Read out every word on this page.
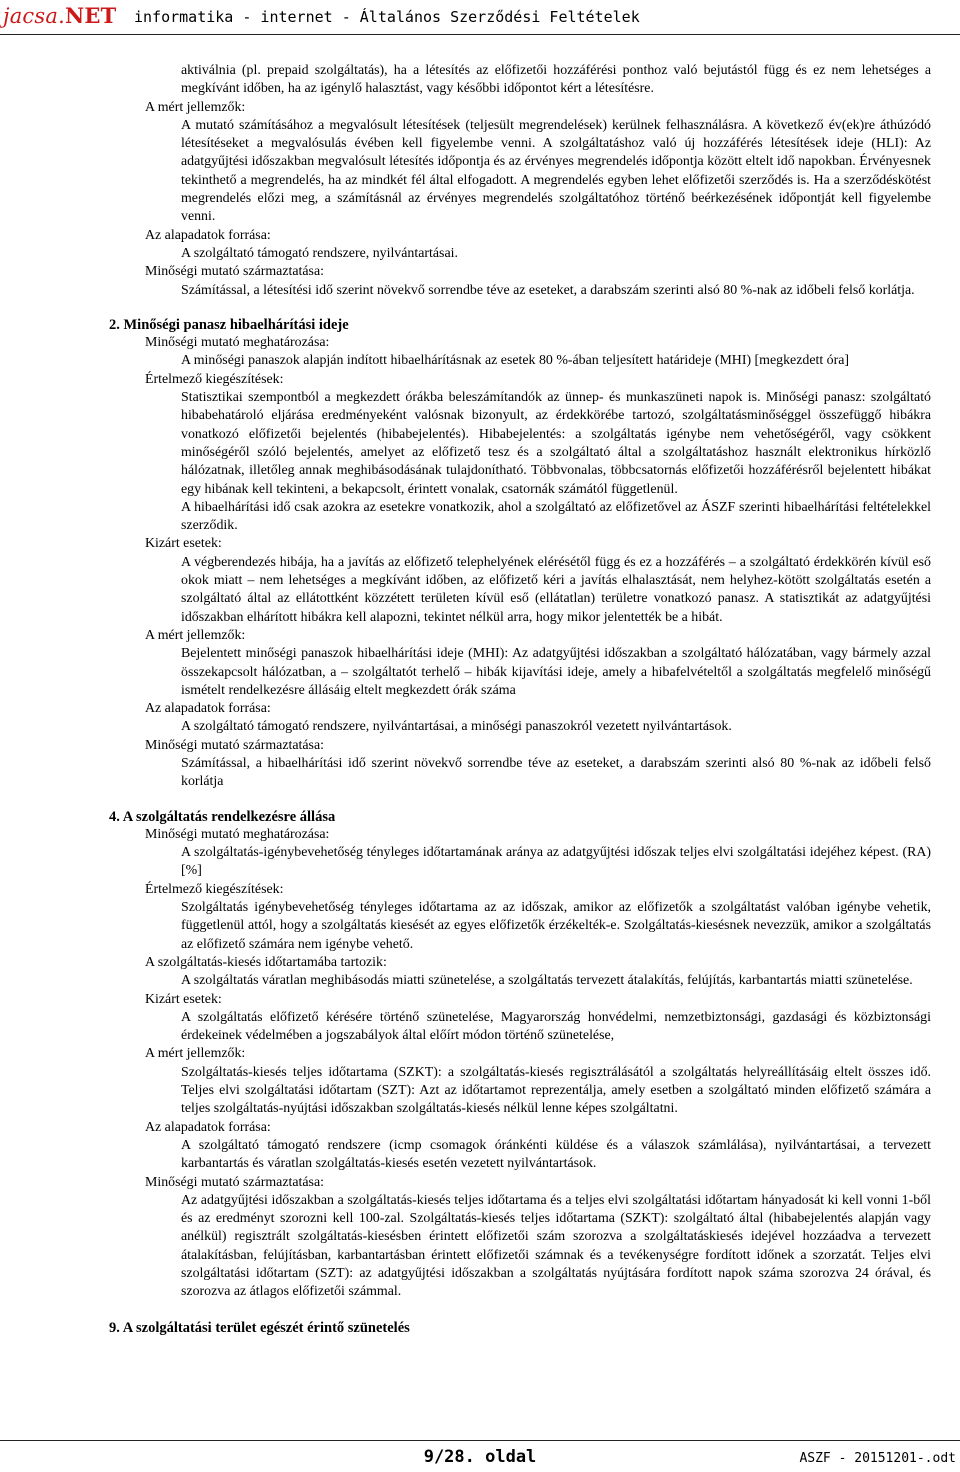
jacsa.NET informatika - internet - Általános Szerződési Feltételek

aktiválnia (pl. prepaid szolgáltatás), ha a létesítés az előfizetői hozzáférési ponthoz való bejutástól függ és ez nem lehetséges a megkívánt időben, ha az igénylő halasztást, vagy későbbi időpontot kért a létesítésre.

A mért jellemzők:

A mutató számításához a megvalósult létesítések (teljesült megrendelések) kerülnek felhasználásra. A következő év(ek)re áthúzódó létesítéseket a megvalósulás évében kell figyelembe venni. A szolgáltatáshoz való új hozzáférés létesítések ideje (HLI): Az adatgyűjtési időszakban megvalósult létesítés időpontja és az érvényes megrendelés időpontja között eltelt idő napokban. Érvényesnek tekinthető a megrendelés, ha az mindkét fél által elfogadott. A megrendelés egyben lehet előfizetői szerződés is. Ha a szerződéskötést megrendelés előzi meg, a számításnál az érvényes megrendelés szolgáltatóhoz történő beérkezésének időpontját kell figyelembe venni.

Az alapadatok forrása:

A szolgáltató támogató rendszere, nyilvántartásai.

Minőségi mutató származtatása:

Számítással, a létesítési idő szerint növekvő sorrendbe téve az eseteket, a darabszám szerinti alsó 80 %-nak az időbeli felső korlátja.

2. Minőségi panasz hibaelhárítási ideje

Minőségi mutató meghatározása:

A minőségi panaszok alapján indított hibaelhárításnak az esetek 80 %-ában teljesített határideje (MHI) [megkezdett óra]

Értelmező kiegészítések:

Statisztikai szempontból a megkezdett órákba beleszámítandók az ünnep- és munkaszüneti napok is. Minőségi panasz: szolgáltató hibabehatároló eljárása eredményeként valósnak bizonyult, az érdekkörébe tartozó, szolgáltatásminőséggel összefüggő hibákra vonatkozó előfizetői bejelentés (hibabejelentés). Hibabejelentés: a szolgáltatás igénybe nem vehetőségéről, vagy csökkent minőségéről szóló bejelentés, amelyet az előfizető tesz és a szolgáltató által a szolgáltatáshoz használt elektronikus hírközlő hálózatnak, illetőleg annak meghibásodásának tulajdonítható. Többvonalas, többcsatornás előfizetői hozzáférésről bejelentett hibákat egy hibának kell tekinteni, a bekapcsolt, érintett vonalak, csatornák számától függetlenül.

A hibaelhárítási idő csak azokra az esetekre vonatkozik, ahol a szolgáltató az előfizetővel az ÁSZF szerinti hibaelhárítási feltételekkel szerződik.

Kizárt esetek:

A végberendezés hibája, ha a javítás az előfizető telephelyének elérésétől függ és ez a hozzáférés – a szolgáltató érdekkörén kívül eső okok miatt – nem lehetséges a megkívánt időben, az előfizető kéri a javítás elhalasztását, nem helyhez-kötött szolgáltatás esetén a szolgáltató által az ellátottként közzétett területen kívül eső (ellátatlan) területre vonatkozó panasz. A statisztikát az adatgyűjtési időszakban elhárított hibákra kell alapozni, tekintet nélkül arra, hogy mikor jelentették be a hibát.

A mért jellemzők:

Bejelentett minőségi panaszok hibaelhárítási ideje (MHI): Az adatgyűjtési időszakban a szolgáltató hálózatában, vagy bármely azzal összekapcsolt hálózatban, a – szolgáltatót terhelő – hibák kijavítási ideje, amely a hibafelvételtől a szolgáltatás megfelelő minőségű ismételt rendelkezésre állásáig eltelt megkezdett órák száma

Az alapadatok forrása:

A szolgáltató támogató rendszere, nyilvántartásai, a minőségi panaszokról vezetett nyilvántartások.

Minőségi mutató származtatása:

Számítással, a hibaelhárítási idő szerint növekvő sorrendbe téve az eseteket, a darabszám szerinti alsó 80 %-nak az időbeli felső korlátja

4. A szolgáltatás rendelkezésre állása

Minőségi mutató meghatározása:

A szolgáltatás-igénybevehetőség tényleges időtartamának aránya az adatgyűjtési időszak teljes elvi szolgáltatási idejéhez képest. (RA) [%]

Értelmező kiegészítések:

Szolgáltatás igénybevehetőség tényleges időtartama az az időszak, amikor az előfizetők a szolgáltatást valóban igénybe vehetik, függetlenül attól, hogy a szolgáltatás kiesését az egyes előfizetők érzékelték-e. Szolgáltatás-kiesésnek nevezzük, amikor a szolgáltatás az előfizető számára nem igénybe vehető.

A szolgáltatás-kiesés időtartamába tartozik:

A szolgáltatás váratlan meghibásodás miatti szünetelése, a szolgáltatás tervezett átalakítás, felújítás, karbantartás miatti szünetelése.

Kizárt esetek:

A szolgáltatás előfizető kérésére történő szünetelése, Magyarország honvédelmi, nemzetbiztonsági, gazdasági és közbiztonsági érdekeinek védelmében a jogszabályok által előírt módon történő szünetelése,

A mért jellemzők:

Szolgáltatás-kiesés teljes időtartama (SZKT): a szolgáltatás-kiesés regisztrálásától a szolgáltatás helyreállításáig eltelt összes idő. Teljes elvi szolgáltatási időtartam (SZT): Azt az időtartamot reprezentálja, amely esetben a szolgáltató minden előfizető számára a teljes szolgáltatás-nyújtási időszakban szolgáltatás-kiesés nélkül lenne képes szolgáltatni.

Az alapadatok forrása:

A szolgáltató támogató rendszere (icmp csomagok óránkénti küldése és a válaszok számlálása), nyilvántartásai, a tervezett karbantartás és váratlan szolgáltatás-kiesés esetén vezetett nyilvántartások.

Minőségi mutató származtatása:

Az adatgyűjtési időszakban a szolgáltatás-kiesés teljes időtartama és a teljes elvi szolgáltatási időtartam hányadosát ki kell vonni 1-ből és az eredményt szorozni kell 100-zal. Szolgáltatás-kiesés teljes időtartama (SZKT): szolgáltató által (hibabejelentés alapján vagy anélkül) regisztrált szolgáltatás-kiesésben érintett előfizetői szám szorozva a szolgáltatáskiesés idejével hozzáadva a tervezett átalakításban, felújításban, karbantartásban érintett előfizetői számnak és a tevékenységre fordított időnek a szorzatát. Teljes elvi szolgáltatási időtartam (SZT): az adatgyűjtési időszakban a szolgáltatás nyújtására fordított napok száma szorozva 24 órával, és szorozva az átlagos előfizetői számmal.

9. A szolgáltatási terület egészét érintő szünetelés

9/28. oldal	ASZF - 20151201-.odt
